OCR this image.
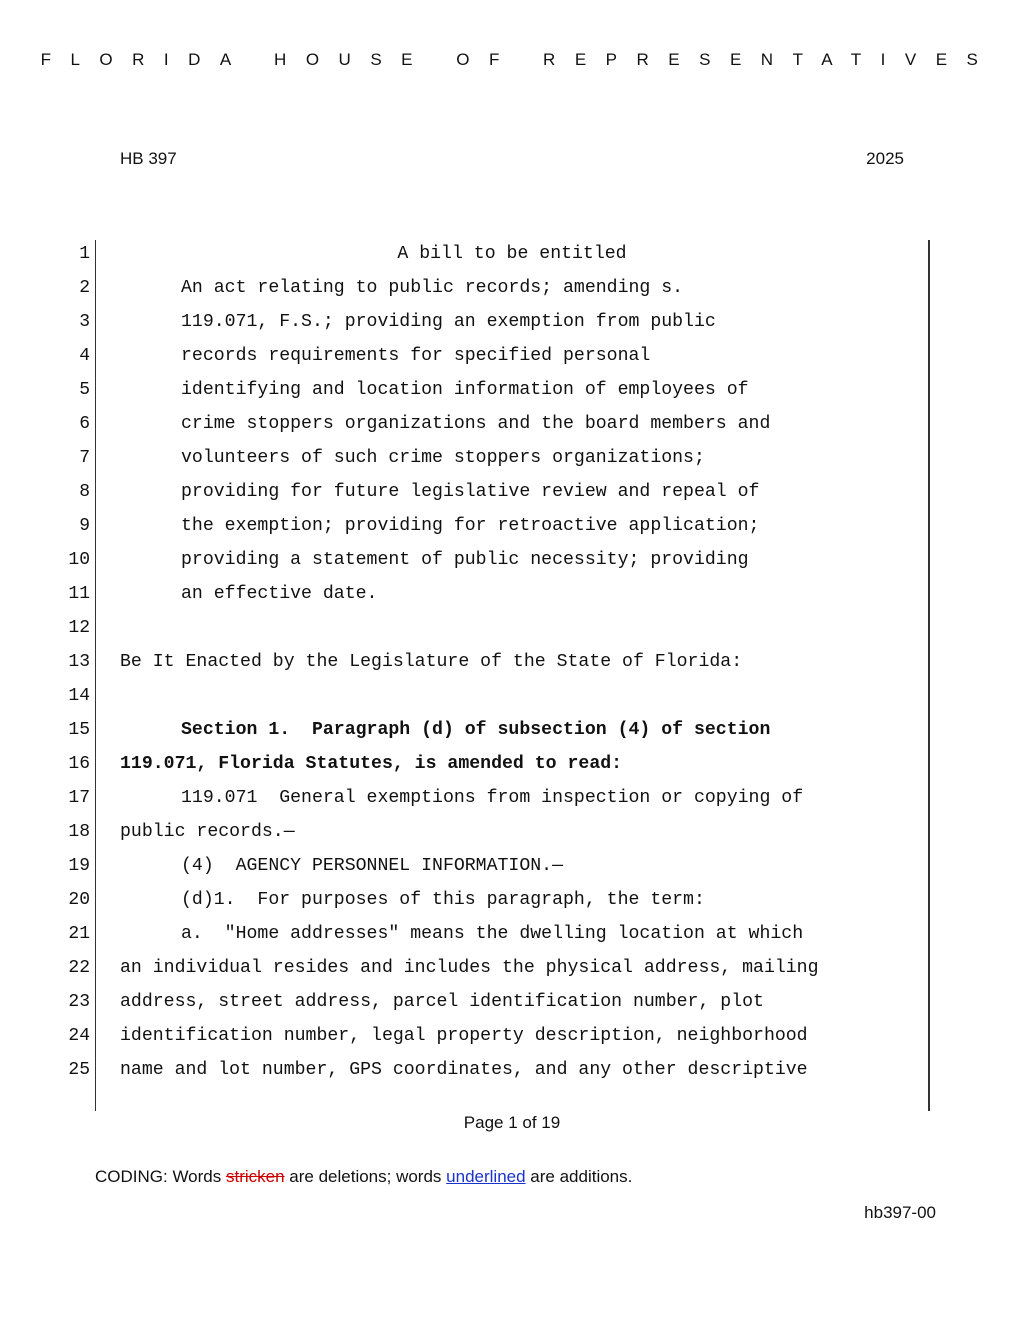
FLORIDA HOUSE OF REPRESENTATIVES
HB 397	2025
1	A bill to be entitled
2	An act relating to public records; amending s.
3	119.071, F.S.; providing an exemption from public
4	records requirements for specified personal
5	identifying and location information of employees of
6	crime stoppers organizations and the board members and
7	volunteers of such crime stoppers organizations;
8	providing for future legislative review and repeal of
9	the exemption; providing for retroactive application;
10	providing a statement of public necessity; providing
11	an effective date.
12
13 Be It Enacted by the Legislature of the State of Florida:
14
15	Section 1.  Paragraph (d) of subsection (4) of section
16 119.071, Florida Statutes, is amended to read:
17	119.071  General exemptions from inspection or copying of
18 public records.—
19	(4)  AGENCY PERSONNEL INFORMATION.—
20	(d)1.  For purposes of this paragraph, the term:
21	a.  "Home addresses" means the dwelling location at which
22 an individual resides and includes the physical address, mailing
23 address, street address, parcel identification number, plot
24 identification number, legal property description, neighborhood
25 name and lot number, GPS coordinates, and any other descriptive
Page 1 of 19
CODING: Words stricken are deletions; words underlined are additions.
hb397-00
